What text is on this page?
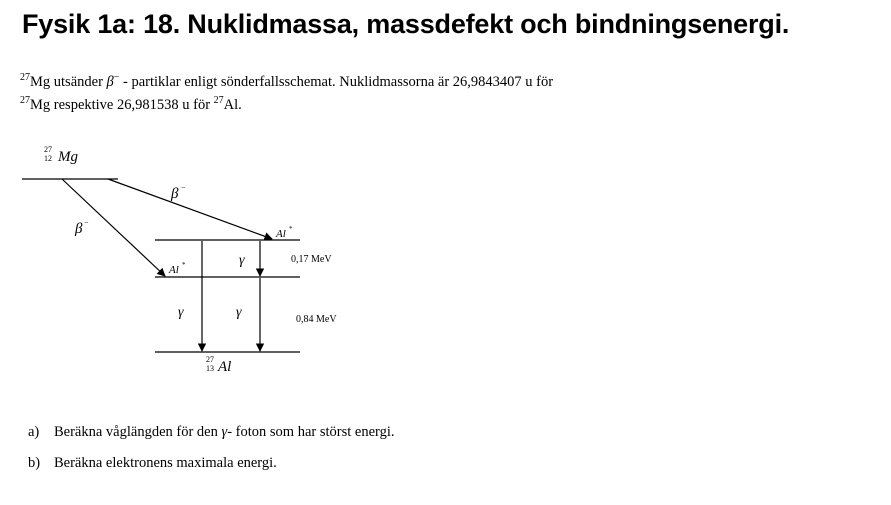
Fysik 1a: 18. Nuklidmassa, massdefekt och bindningsenergi.
$^{27}$Mg utsänder β− - partiklar enligt sönderfallsschemat. Nuklidmassorna är 26,9843407 u för
$^{27}$Mg respektive 26,981538 u för $^{27}$Al.
27
12 Mg
β −
β −
Al *
Al *
γ
γ	γ
0,17 MeV
0,84 MeV
27
13 Al
a) Beräkna våglängden för den γ- foton som har störst energi.
b) Beräkna elektronens maximala energi.
